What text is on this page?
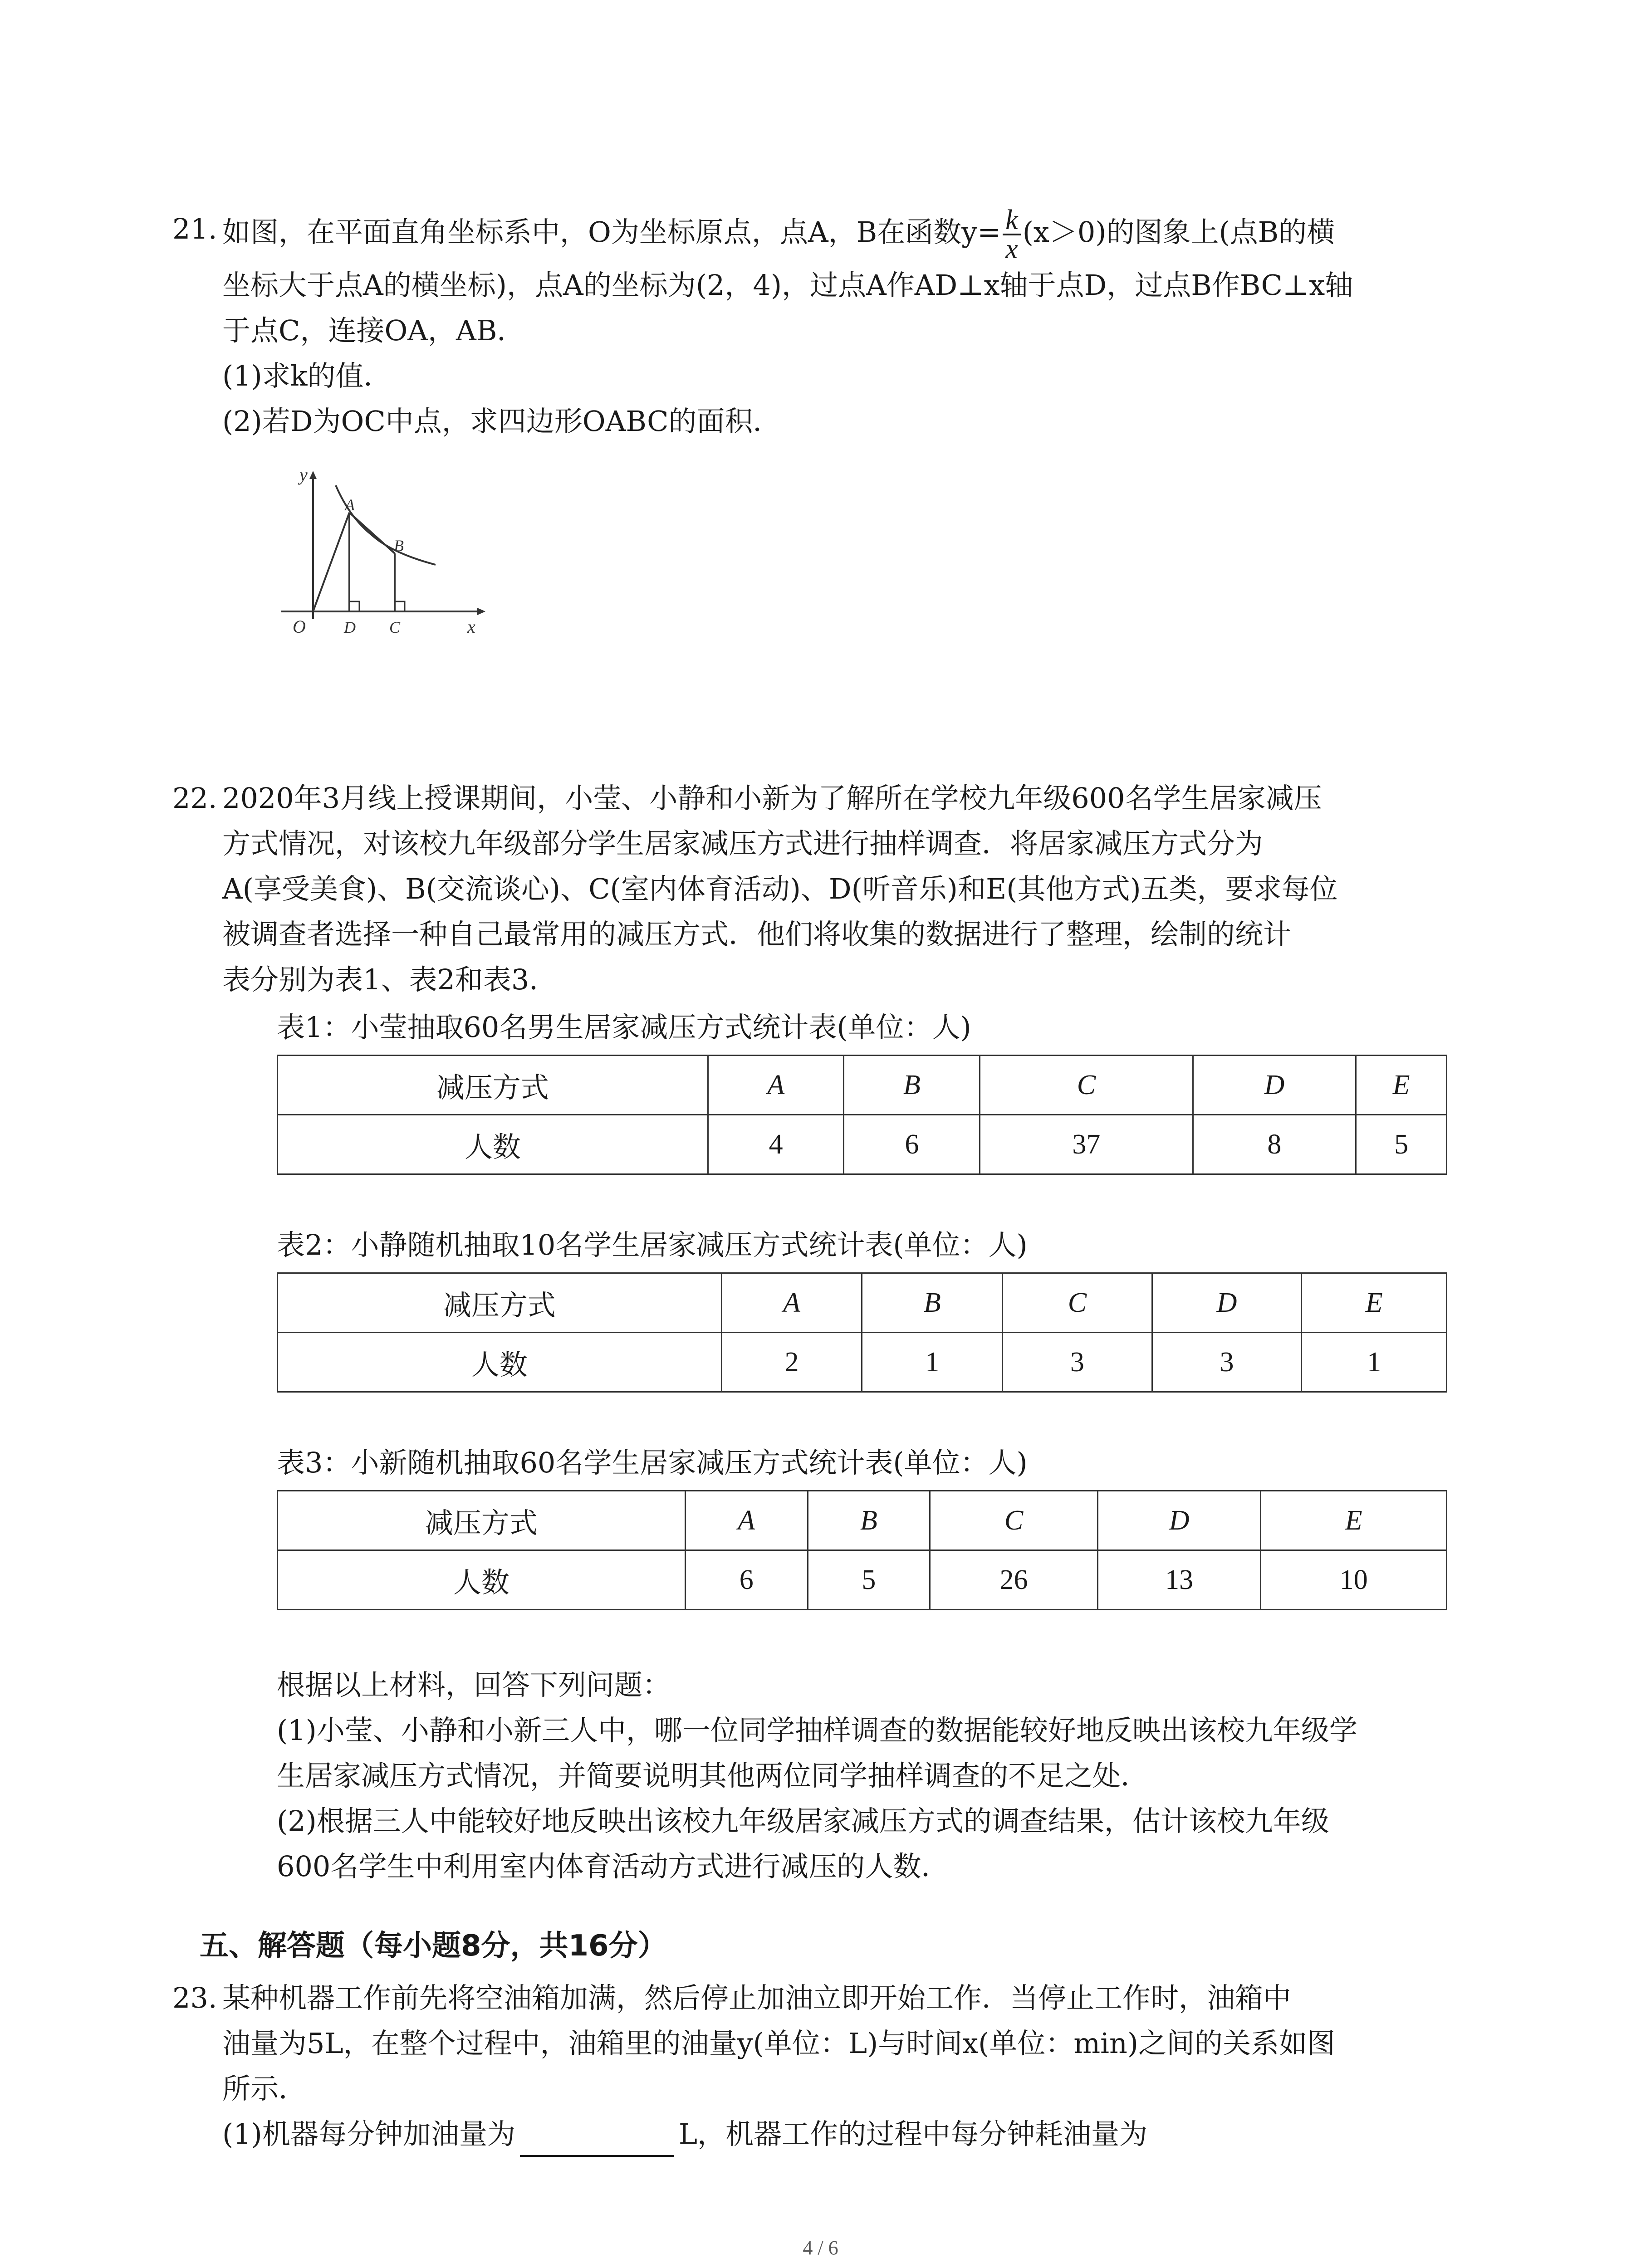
21. 如图，在平面直角坐标系中，O为坐标原点，点A，B在函数$y= \frac{k}{x} (x>0)$的图象上(点B的横
坐标大于点A的横坐标)，点A的坐标为(2，4)，过点A作AD⊥x轴于点D，过点B作BC⊥x轴
于点C，连接OA，AB．
(1)求k的值．
(2)若D为OC中点，求四边形OABC的面积．
y
x
O
A
B
D C
22. 2020年3月线上授课期间，小莹、小静和小新为了解所在学校九年级600名学生居家减压
方式情况，对该校九年级部分学生居家减压方式进行抽样调查．将居家减压方式分为
A(享受美食)、B(交流谈心)、C(室内体育活动)、D(听音乐)和E(其他方式)五类，要求每位
被调查者选择一种自己最常用的减压方式．他们将收集的数据进行了整理，绘制的统计
表分别为表1、表2和表3．
表1：小莹抽取60名男生居家减压方式统计表(单位：人)
减压方式	A	B	C	D	E
人数	4	6	37	8	5
表2：小静随机抽取10名学生居家减压方式统计表(单位：人)
减压方式	A	B	C	D	E
人数	2	1	3	3	1
表3：小新随机抽取60名学生居家减压方式统计表(单位：人)
减压方式	A	B	C	D	E
人数	6	5	26	13	10
根据以上材料，回答下列问题：
(1)小莹、小静和小新三人中，哪一位同学抽样调查的数据能较好地反映出该校九年级学
生居家减压方式情况，并简要说明其他两位同学抽样调查的不足之处．
(2)根据三人中能较好地反映出该校九年级居家减压方式的调查结果，估计该校九年级
600名学生中利用室内体育活动方式进行减压的人数．
五、解答题（每小题8分，共16分）
23. 某种机器工作前先将空油箱加满，然后停止加油立即开始工作．当停止工作时，油箱中
油量为5L，在整个过程中，油箱里的油量y(单位：L)与时间x(单位：min)之间的关系如图
所示．
(1)机器每分钟加油量为	L，机器工作的过程中每分钟耗油量为
4 / 6
